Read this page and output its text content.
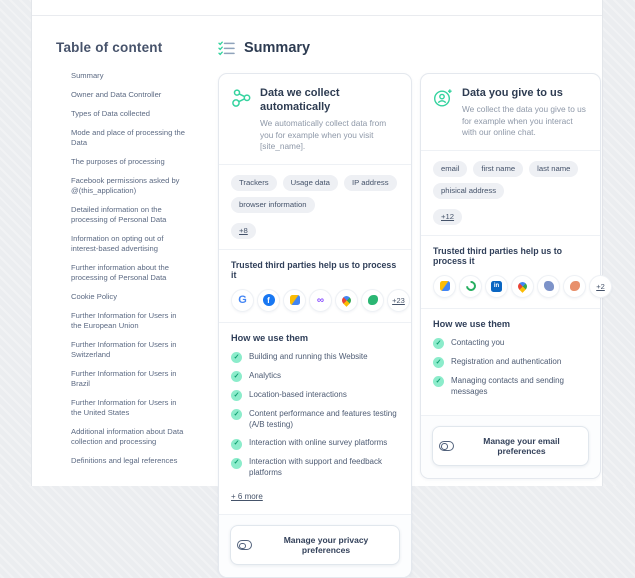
Table of content
Summary
Owner and Data Controller
Types of Data collected
Mode and place of processing the Data
The purposes of processing
Facebook permissions asked by @(this_application)
Detailed information on the processing of Personal Data
Information on opting out of interest-based advertising
Further information about the processing of Personal Data
Cookie Policy
Further Information for Users in the European Union
Further Information for Users in Switzerland
Further Information for Users in Brazil
Further Information for Users in the United States
Additional information about Data collection and processing
Definitions and legal references
Summary
Data we collect automatically
We automatically collect data from you for example when you visit [site_name].
Trackers	Usage data	IP address
browser information
+8
Trusted third parties help us to process it
G	f	∞	+23
How we use them
✓	Building and running this Website
✓	Analytics
✓	Location-based interactions
✓	Content performance and features testing (A/B testing)
✓	Interaction with online survey platforms
✓	Interaction with support and feedback platforms
+ 6 more
Manage your privacy preferences
Data you give to us
We collect the data you give to us for example when you interact with our online chat.
email	first name	last name
phisical address
+12
Trusted third parties help us to process it
in	+2
How we use them
✓	Contacting you
✓	Registration and authentication
✓	Managing contacts and sending messages
Manage your email preferences
